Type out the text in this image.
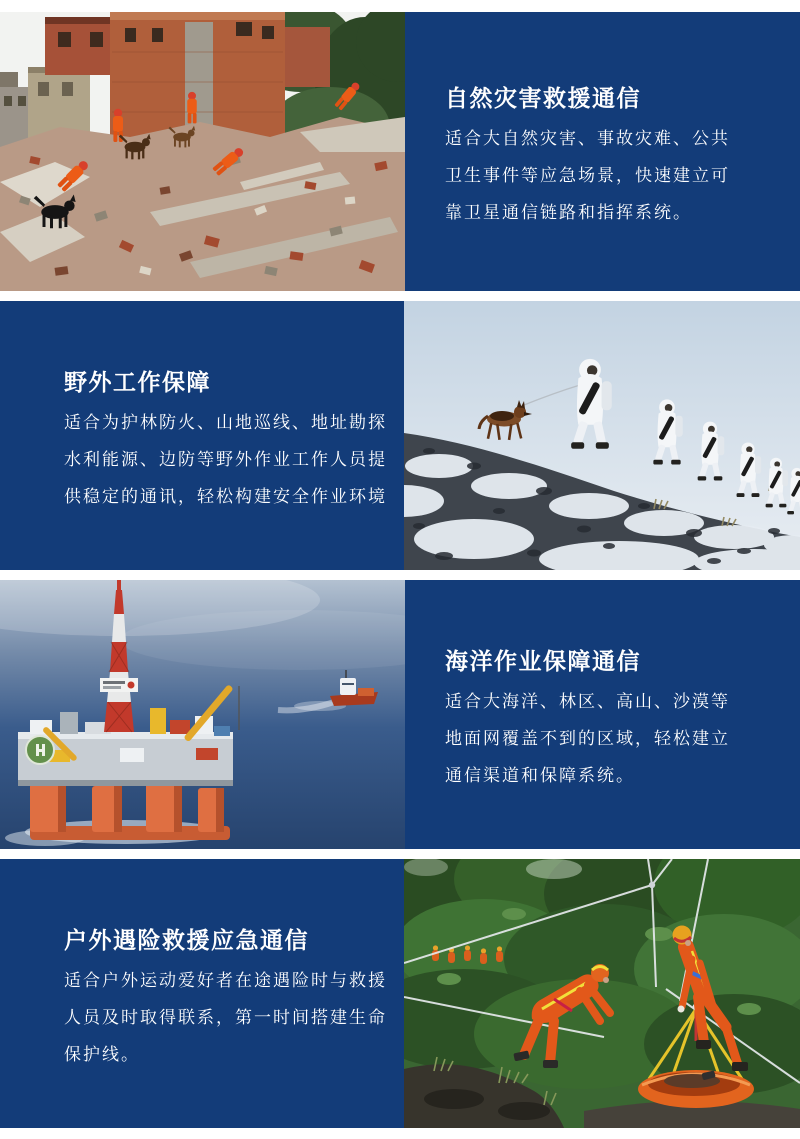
自然灾害救援通信

适合大自然灾害、事故灾难、公共

卫生事件等应急场景，快速建立可

靠卫星通信链路和指挥系统。

野外工作保障

适合为护林防火、山地巡线、地址勘探

水利能源、边防等野外作业工作人员提

供稳定的通讯，轻松构建安全作业环境

海洋作业保障通信

适合大海洋、林区、高山、沙漠等

地面网覆盖不到的区域，轻松建立

通信渠道和保障系统。

户外遇险救援应急通信

适合户外运动爱好者在途遇险时与救援

人员及时取得联系，第一时间搭建生命

保护线。
